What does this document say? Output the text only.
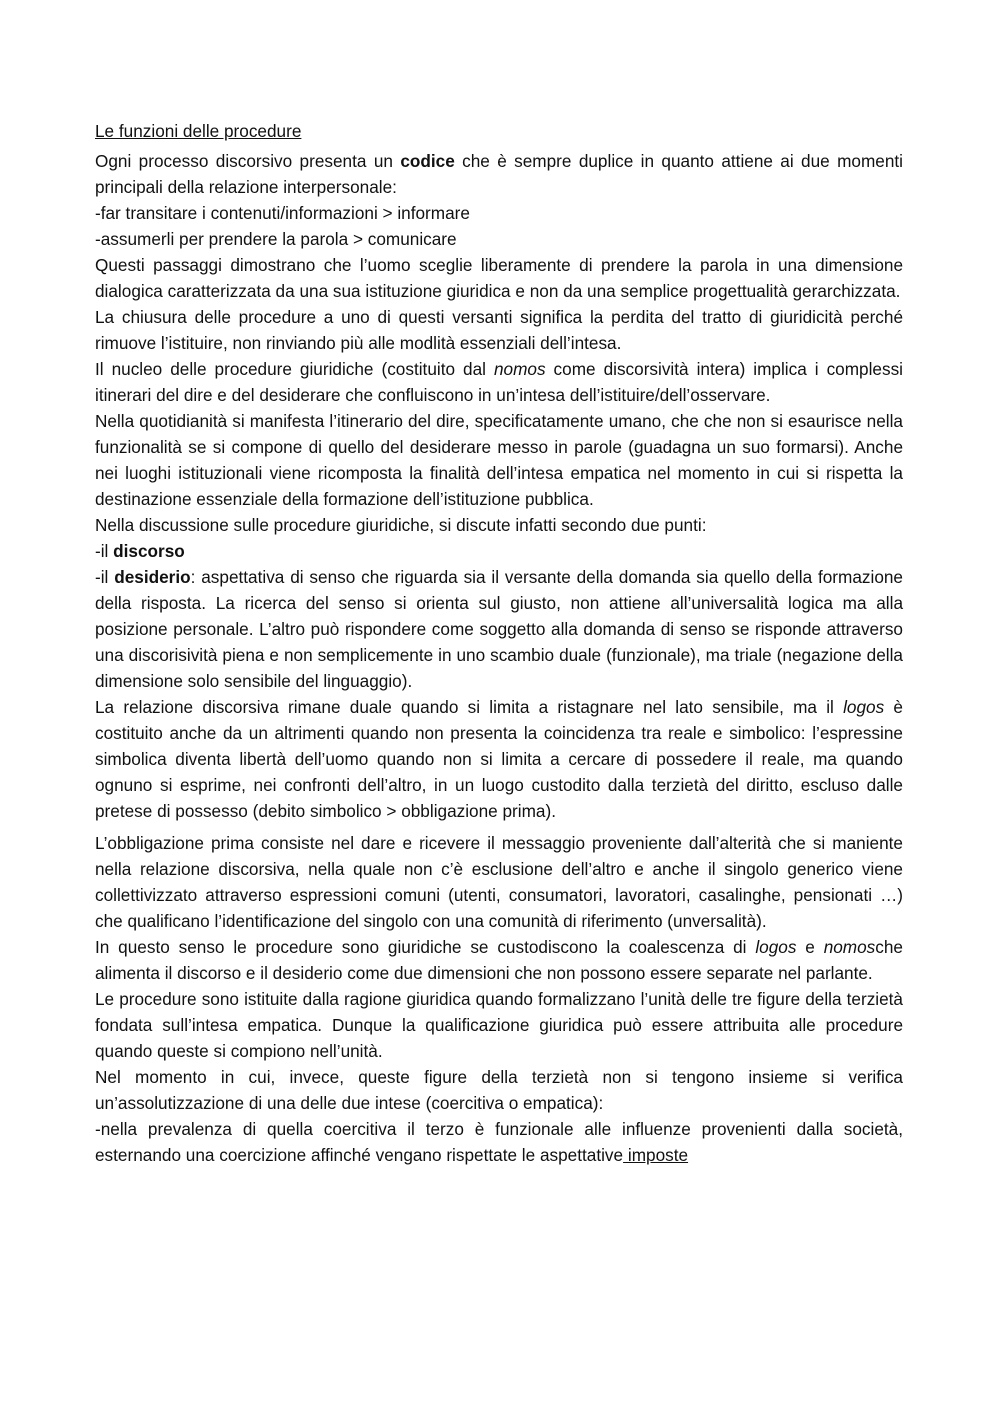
Le funzioni delle procedure

Ogni processo discorsivo presenta un codice che è sempre duplice in quanto attiene ai due momenti principali della relazione interpersonale:

-far transitare i contenuti/informazioni > informare

-assumerli per prendere la parola > comunicare

Questi passaggi dimostrano che l’uomo sceglie liberamente di prendere la parola in una dimensione dialogica caratterizzata da una sua istituzione giuridica e non da una semplice progettualità gerarchizzata.

La chiusura delle procedure a uno di questi versanti significa la perdita del tratto di giuridicità perché rimuove l’istituire, non rinviando più alle modlità essenziali dell’intesa.

Il nucleo delle procedure giuridiche (costituito dal nomos come discorsività intera) implica i complessi itinerari del dire e del desiderare che confluiscono in un’intesa dell’istituire/dell’osservare.

Nella quotidianità si manifesta l’itinerario del dire, specificatamente umano, che che non si esaurisce nella funzionalità se si compone di quello del desiderare messo in parole (guadagna un suo formarsi). Anche nei luoghi istituzionali viene ricomposta la finalità dell’intesa empatica nel momento in cui si rispetta la destinazione essenziale della formazione dell’istituzione pubblica.

Nella discussione sulle procedure giuridiche, si discute infatti secondo due punti:

-il discorso

-il desiderio: aspettativa di senso che riguarda sia il versante della domanda sia quello della formazione della risposta. La ricerca del senso si orienta sul giusto, non attiene all’universalità logica ma alla posizione personale. L’altro può rispondere come soggetto alla domanda di senso se risponde attraverso una discorisività piena e non semplicemente in uno scambio duale (funzionale), ma triale (negazione della dimensione solo sensibile del linguaggio).

La relazione discorsiva rimane duale quando si limita a ristagnare nel lato sensibile, ma il logos è costituito anche da un altrimenti quando non presenta la coincidenza tra reale e simbolico: l’espressine simbolica diventa libertà dell’uomo quando non si limita a cercare di possedere il reale, ma quando ognuno si esprime, nei confronti dell’altro, in un luogo custodito dalla terzietà del diritto, escluso dalle pretese di possesso (debito simbolico > obbligazione prima).

L’obbligazione prima consiste nel dare e ricevere il messaggio proveniente dall’alterità che si maniente nella relazione discorsiva, nella quale non c’è esclusione dell’altro e anche il singolo generico viene collettivizzato attraverso espressioni comuni (utenti, consumatori, lavoratori, casalinghe, pensionati …) che qualificano l’identificazione del singolo con una comunità di riferimento (unversalità).

In questo senso le procedure sono giuridiche se custodiscono la coalescenza di logos e nomosche alimenta il discorso e il desiderio come due dimensioni che non possono essere separate nel parlante.

Le procedure sono istituite dalla ragione giuridica quando formalizzano l’unità delle tre figure della terzietà fondata sull’intesa empatica. Dunque la qualificazione giuridica può essere attribuita alle procedure quando queste si compiono nell’unità.

Nel momento in cui, invece, queste figure della terzietà non si tengono insieme si verifica un’assolutizzazione di una delle due intese (coercitiva o empatica):

-nella prevalenza di quella coercitiva il terzo è funzionale alle influenze provenienti dalla società, esternando una coercizione affinché vengano rispettate le aspettative imposte
